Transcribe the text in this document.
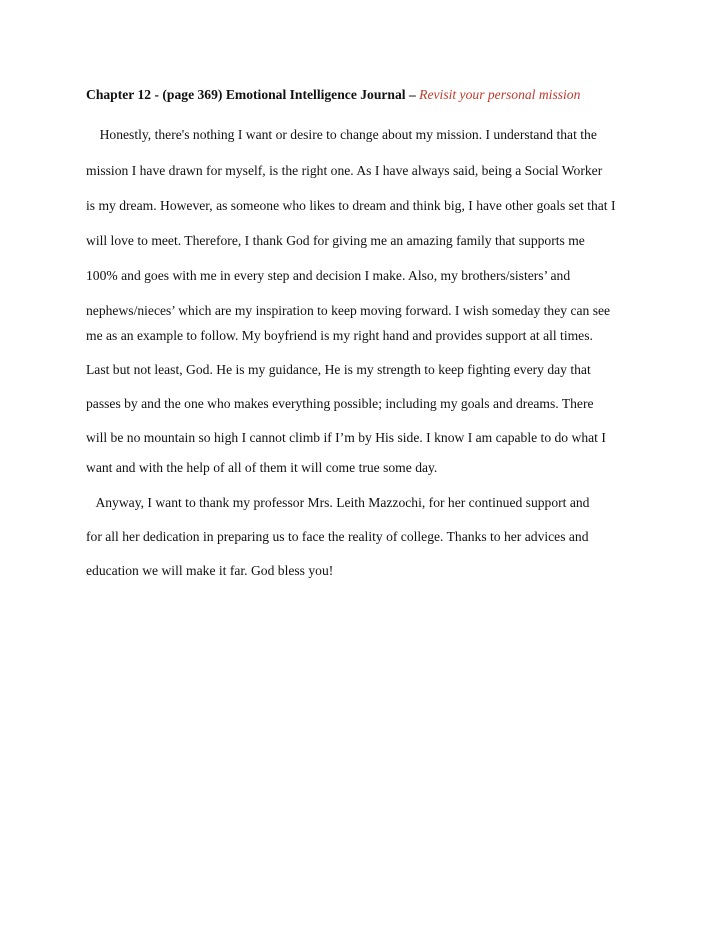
Chapter 12 - (page 369) Emotional Intelligence Journal – Revisit your personal mission
Honestly, there's nothing I want or desire to change about my mission. I understand that the
mission I have drawn for myself, is the right one. As I have always said, being a Social Worker
is my dream. However, as someone who likes to dream and think big, I have other goals set that I
will love to meet. Therefore, I thank God for giving me an amazing family that supports me
100% and goes with me in every step and decision I make. Also, my brothers/sisters’ and
nephews/nieces’ which are my inspiration to keep moving forward. I wish someday they can see
me as an example to follow. My boyfriend is my right hand and provides support at all times.
Last but not least, God. He is my guidance, He is my strength to keep fighting every day that
passes by and the one who makes everything possible; including my goals and dreams. There
will be no mountain so high I cannot climb if I’m by His side. I know I am capable to do what I
want and with the help of all of them it will come true some day.
Anyway, I want to thank my professor Mrs. Leith Mazzochi, for her continued support and
for all her dedication in preparing us to face the reality of college. Thanks to her advices and
education we will make it far. God bless you!
